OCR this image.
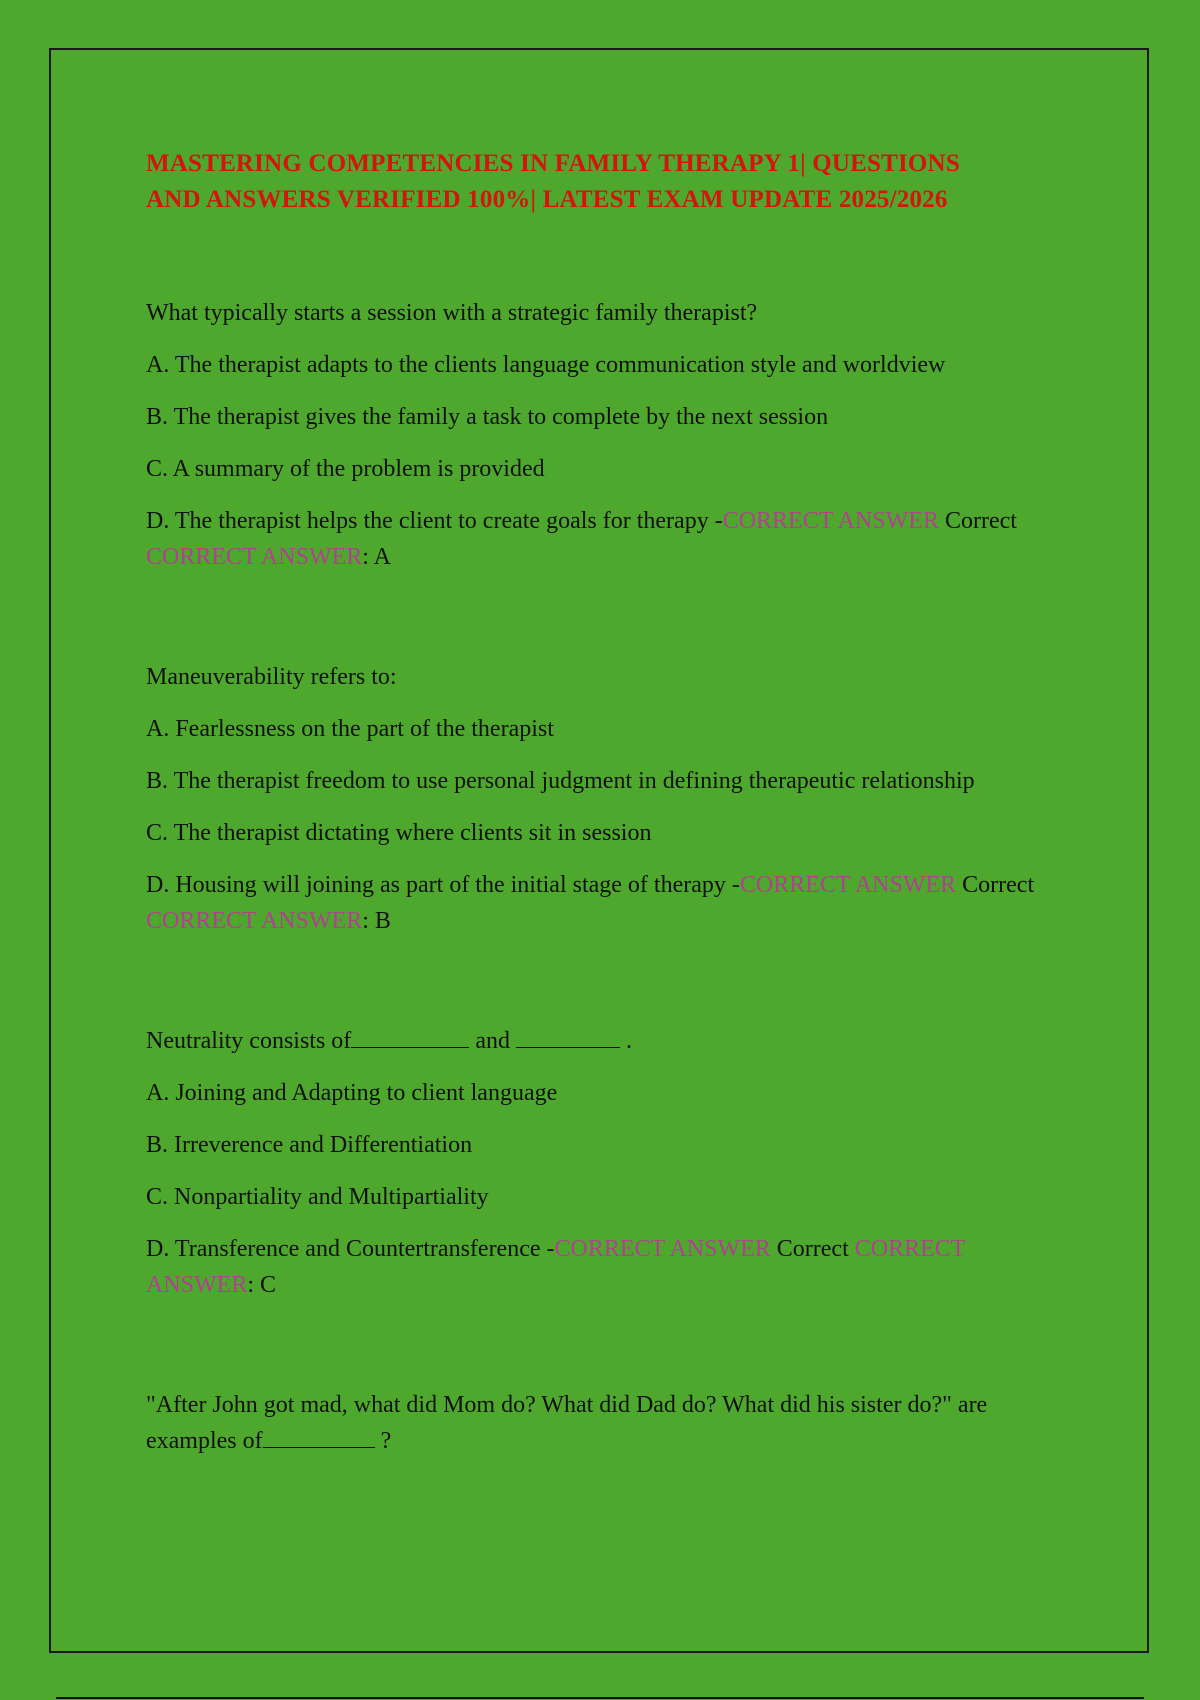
MASTERING COMPETENCIES IN FAMILY THERAPY 1| QUESTIONS
AND ANSWERS VERIFIED 100%| LATEST EXAM UPDATE 2025/2026

What typically starts a session with a strategic family therapist?

A. The therapist adapts to the clients language communication style and worldview

B. The therapist gives the family a task to complete by the next session

C. A summary of the problem is provided

D. The therapist helps the client to create goals for therapy -CORRECT ANSWER Correct CORRECT ANSWER: A

Maneuverability refers to:

A. Fearlessness on the part of the therapist

B. The therapist freedom to use personal judgment in defining therapeutic relationship

C. The therapist dictating where clients sit in session

D. Housing will joining as part of the initial stage of therapy -CORRECT ANSWER Correct CORRECT ANSWER: B

Neutrality consists of	and	.

A. Joining and Adapting to client language

B. Irreverence and Differentiation

C. Nonpartiality and Multipartiality

D. Transference and Countertransference -CORRECT ANSWER Correct CORRECT ANSWER: C

"After John got mad, what did Mom do? What did Dad do? What did his sister do?" are examples of	?
